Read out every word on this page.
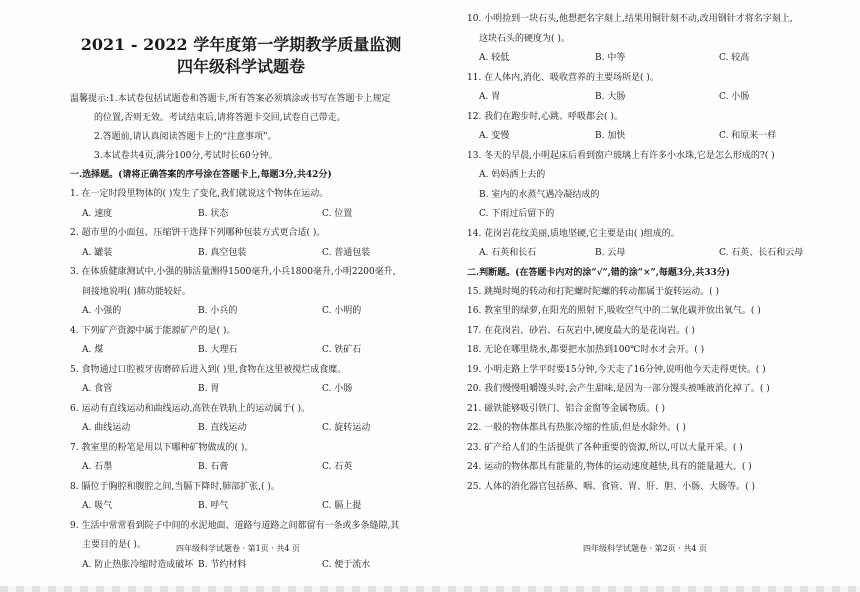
2021 - 2022 学年度第一学期教学质量监测
四年级科学试题卷
温馨提示:1.本试卷包括试题卷和答题卡,所有答案必须填涂或书写在答题卡上规定
的位置,否则无效。考试结束后,请将答题卡交回,试卷自己带走。
2.答题前,请认真阅读答题卡上的“注意事项”。
3.本试卷共4页,满分100分,考试时长60分钟。
一.选择题。(请将正确答案的序号涂在答题卡上,每题3分,共42分)
1. 在一定时段里物体的( )发生了变化,我们就说这个物体在运动。
A. 速度	B. 状态	C. 位置
2. 超市里的小面包、压缩饼干选择下列哪种包装方式更合适( )。
A. 罐装	B. 真空包装	C. 普通包装
3. 在体质健康测试中,小强的肺活量测得1500毫升,小兵1800毫升,小明2200毫升,
间接地说明( )肺功能较好。
A. 小强的	B. 小兵的	C. 小明的
4. 下列矿产资源中属于能源矿产的是( )。
A. 煤	B. 大理石	C. 铁矿石
5. 食物通过口腔被牙齿磨碎后进入到( )里,食物在这里被搅烂成食糜。
A. 食管	B. 胃	C. 小肠
6. 运动有直线运动和曲线运动,高铁在铁轨上的运动属于( )。
A. 曲线运动	B. 直线运动	C. 旋转运动
7. 教室里的粉笔是用以下哪种矿物做成的( )。
A. 石墨	B. 石膏	C. 石英
8. 膈位于胸腔和腹腔之间,当膈下降时,肺部扩张,( )。
A. 吸气	B. 呼气	C. 膈上提
9. 生活中常常看到院子中间的水泥地面、道路与道路之间都留有一条或多条缝隙,其
主要目的是( )。
A. 防止热胀冷缩时造成破坏 B. 节约材料	C. 便于流水
四年级科学试题卷 · 第1页 · 共4 页
10. 小明捡到一块石头,他想把名字刻上,结果用铜针刻不动,改用钢针才将名字刻上,
这块石头的硬度为( )。
A. 较低	B. 中等	C. 较高
11. 在人体内,消化、吸收营养的主要场所是( )。
A. 胃	B. 大肠	C. 小肠
12. 我们在跑步时,心跳、呼吸都会( )。
A. 变慢	B. 加快	C. 和原来一样
13. 冬天的早晨,小明起床后看到窗户玻璃上有许多小水珠,它是怎么形成的?( )
A. 妈妈洒上去的
B. 室内的水蒸气遇冷凝结成的
C. 下雨过后留下的
14. 花岗岩花纹美丽,质地坚硬,它主要是由( )组成的。
A. 石英和长石	B. 云母	C. 石英、长石和云母
二.判断题。(在答题卡内对的涂“√”,错的涂“×”,每题3分,共33分)
15. 跳绳时绳的转动和打陀螺时陀螺的转动都属于旋转运动。( )
16. 教室里的绿萝,在阳光的照射下,吸收空气中的二氧化碳并放出氧气。( )
17. 在花岗岩、砂岩、石灰岩中,硬度最大的是花岗岩。( )
18. 无论在哪里烧水,都要把水加热到100℃时水才会开。( )
19. 小明走路上学平时要15分钟,今天走了16分钟,说明他今天走得更快。( )
20. 我们慢慢咀嚼馒头时,会产生甜味,是因为一部分馒头被唾液消化掉了。( )
21. 磁铁能够吸引铁门、铝合金窗等金属物质。( )
22. 一般的物体都具有热胀冷缩的性质,但是水除外。( )
23. 矿产给人们的生活提供了各种重要的资源,所以,可以大量开采。( )
24. 运动的物体都具有能量的,物体的运动速度越快,具有的能量越大。( )
25. 人体的消化器官包括鼻、咽、食管、胃、肝、胆、小肠、大肠等。( )
四年级科学试题卷 · 第2页 · 共4 页
